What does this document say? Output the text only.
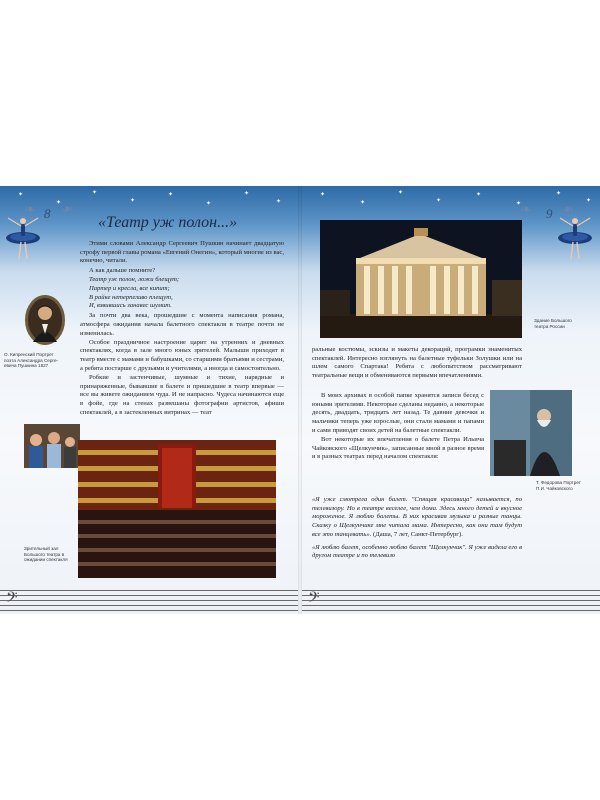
✦
✦
✦
✦
✦
✦
✦
✦
✦
✦
✦
✦
✦
✦
✦
✦
❧ 8 ❧
«Театр уж полон...»
О. Кипренский Портрет поэта Александра Сергеевича Пушкина 1827

Этими словами Александр Сергеевич Пушкин начинает двадцатую строфу первой главы романа «Евгений Онегин», который многие из вас, конечно, читали.

А как дальше помните?

Театр уж полон, ложи блещут;
Партер и кресла, все кипит;
В райке нетерпеливо плещут,
И, взвившись занавес шумит.

За почти два века, прошедшие с момента написания романа, атмосфера ожидания начала балетного спектакля в театре почти не изменилась.

Особое праздничное настроение царит на утренних и дневных спектаклях, когда в зале много юных зрителей. Малыши приходят в театр вместе с мамами и бабушками, со старшими братьями и сестрами, а ребята постарше с друзьями и учителями, а иногда и самостоятельно.

Робкие и застенчивые, шумные и тихие, нарядные и принаряженные, бывавшие в балете и пришедшие в театр впервые — все вы живете ожиданием чуда. И не напрасно. Чудеса начинаются еще в фойе, где на стенах развешаны фотографии артистов, афиши спектаклей, а в застекленных витринах — теат

Зрительный зал Большого театра в ожидании спектакля
𝄢
❧ 9 ❧
Здание Большого театра России

ральные костюмы, эскизы и макеты декораций, програмки знаменитых спектаклей. Интересно взглянуть на балетные туфельки Золушки или на шлем самого Спартака! Ребята с любопытством рассматривают театральные вещи и обмениваются первыми впечатлениями.

В моих архивах в особой папке хранятся записи бесед с юными зрителями. Некоторые сделаны недавно, а некоторые десять, двадцать, тридцать лет назад. Те давние девочки и мальчики теперь уже взрослые, они стали мамами и папами и сами приводят своих детей на балетные спектакли.

Вот некоторые их впечатления о балете Петра Ильича Чайковского «Щелкунчик», записанные мной в разное время и в разных театрах перед началом спектакля:

Т. Федорова Портрет П.И. Чайковского

«Я уже смотрела один балет. "Спящая красавица" называется, по телевизору. Но в театре веселее, чем дома. Здесь много детей и вкусное мороженое. Я люблю балеты. В них красивая музыка и разные танцы. Сказку о Щелкунчике мне читала мама. Интересно, как они там будут все это танцевать». (Даша, 7 лет, Санкт-Петербург).

«Я люблю балет, особенно люблю балет "Щелкунчик". Я уже видела его в другом театре и по телевизо

𝄢
